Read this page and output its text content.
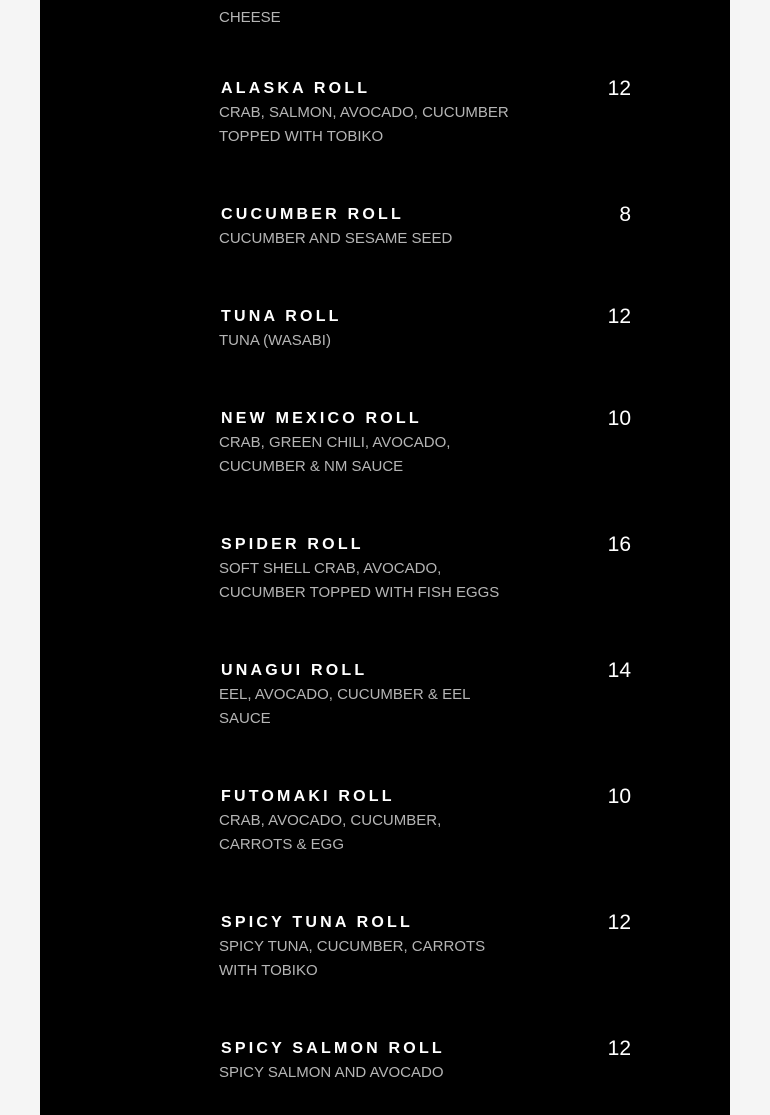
CHEESE
ALASKA ROLL	12
CRAB, SALMON, AVOCADO, CUCUMBER TOPPED WITH TOBIKO
CUCUMBER ROLL	8
CUCUMBER AND SESAME SEED
TUNA ROLL	12
TUNA (WASABI)
NEW MEXICO ROLL	10
CRAB, GREEN CHILI, AVOCADO, CUCUMBER & NM SAUCE
SPIDER ROLL	16
SOFT SHELL CRAB, AVOCADO, CUCUMBER TOPPED WITH FISH EGGS
UNAGUI ROLL	14
EEL, AVOCADO, CUCUMBER & EEL SAUCE
FUTOMAKI ROLL	10
CRAB, AVOCADO, CUCUMBER, CARROTS & EGG
SPICY TUNA ROLL	12
SPICY TUNA, CUCUMBER, CARROTS WITH TOBIKO
SPICY SALMON ROLL	12
SPICY SALMON AND AVOCADO
